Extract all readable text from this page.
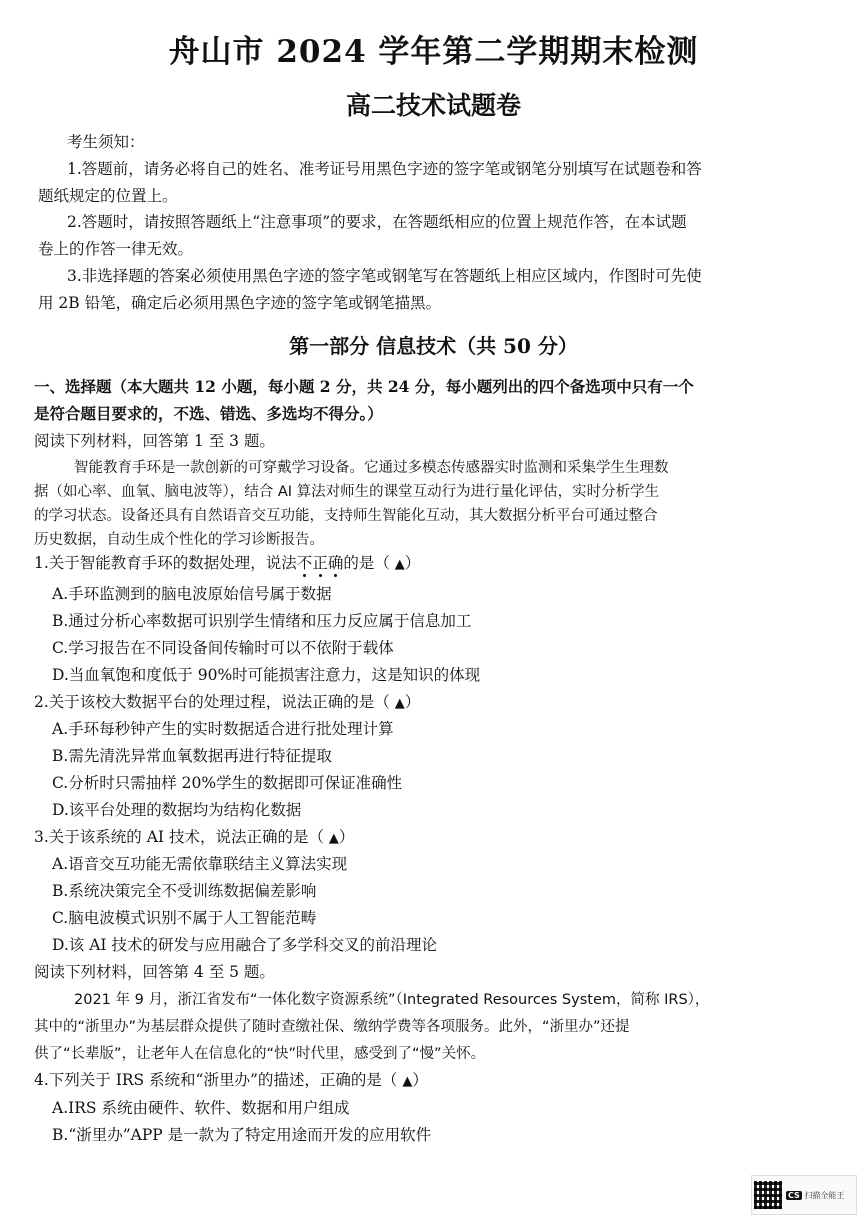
舟山市 2024 学年第二学期期末检测
高二技术试题卷
考生须知：
1.答题前，请务必将自己的姓名、准考证号用黑色字迹的签字笔或钢笔分别填写在试题卷和答
题纸规定的位置上。
2.答题时，请按照答题纸上“注意事项”的要求，在答题纸相应的位置上规范作答，在本试题
卷上的作答一律无效。
3.非选择题的答案必须使用黑色字迹的签字笔或钢笔写在答题纸上相应区域内，作图时可先使
用 2B 铅笔，确定后必须用黑色字迹的签字笔或钢笔描黑。
第一部分 信息技术（共 50 分）
一、选择题（本大题共 12 小题，每小题 2 分，共 24 分，每小题列出的四个备选项中只有一个
是符合题目要求的，不选、错选、多选均不得分。）
阅读下列材料，回答第 1 至 3 题。
智能教育手环是一款创新的可穿戴学习设备。它通过多模态传感器实时监测和采集学生生理数
据（如心率、血氧、脑电波等），结合 AI 算法对师生的课堂互动行为进行量化评估，实时分析学生
的学习状态。设备还具有自然语音交互功能，支持师生智能化互动，其大数据分析平台可通过整合
历史数据，自动生成个性化的学习诊断报告。
1.关于智能教育手环的数据处理，说法不正确的是（ ▲）
A.手环监测到的脑电波原始信号属于数据
B.通过分析心率数据可识别学生情绪和压力反应属于信息加工
C.学习报告在不同设备间传输时可以不依附于载体
D.当血氧饱和度低于 90%时可能损害注意力，这是知识的体现
2.关于该校大数据平台的处理过程，说法正确的是（ ▲）
A.手环每秒钟产生的实时数据适合进行批处理计算
B.需先清洗异常血氧数据再进行特征提取
C.分析时只需抽样 20%学生的数据即可保证准确性
D.该平台处理的数据均为结构化数据
3.关于该系统的 AI 技术，说法正确的是（ ▲）
A.语音交互功能无需依靠联结主义算法实现
B.系统决策完全不受训练数据偏差影响
C.脑电波模式识别不属于人工智能范畴
D.该 AI 技术的研发与应用融合了多学科交叉的前沿理论
阅读下列材料，回答第 4 至 5 题。
2021 年 9 月，浙江省发布“一体化数字资源系统”（Integrated Resources System，简称 IRS），
其中的“浙里办”为基层群众提供了随时查缴社保、缴纳学费等各项服务。此外，“浙里办”还提
供了“长辈版”，让老年人在信息化的“快”时代里，感受到了“慢”关怀。
4.下列关于 IRS 系统和“浙里办”的描述，正确的是（ ▲）
A.IRS 系统由硬件、软件、数据和用户组成
B.“浙里办”APP 是一款为了特定用途而开发的应用软件
CS 扫描全能王
